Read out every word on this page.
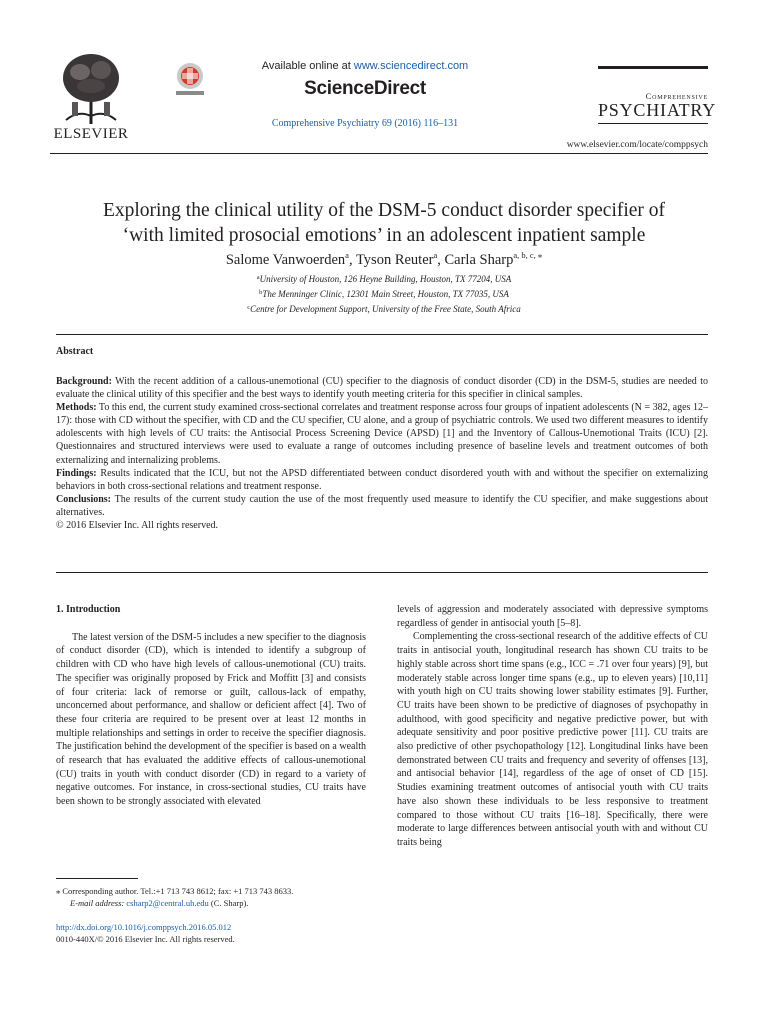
ELSEVIER
Available online at www.sciencedirect.com
ScienceDirect
Comprehensive Psychiatry 69 (2016) 116–131
Comprehensive
PSYCHIATRY
www.elsevier.com/locate/comppsych
Exploring the clinical utility of the DSM-5 conduct disorder specifier of
‘with limited prosocial emotions’ in an adolescent inpatient sample
Salome Vanwoerden$^a$, Tyson Reuter$^a$, Carla Sharp$^{a, b, c, ⁎}$
$^a$University of Houston, 126 Heyne Building, Houston, TX 77204, USA
$^b$The Menninger Clinic, 12301 Main Street, Houston, TX 77035, USA
$^c$Centre for Development Support, University of the Free State, South Africa
Abstract

Background: With the recent addition of a callous-unemotional (CU) specifier to the diagnosis of conduct disorder (CD) in the DSM-5, studies are needed to evaluate the clinical utility of this specifier and the best ways to identify youth meeting criteria for this specifier in clinical samples.

Methods: To this end, the current study examined cross-sectional correlates and treatment response across four groups of inpatient adolescents (N = 382, ages 12–17): those with CD without the specifier, with CD and the CU specifier, CU alone, and a group of psychiatric controls. We used two different measures to identify adolescents with high levels of CU traits: the Antisocial Process Screening Device (APSD) [1] and the Inventory of Callous-Unemotional Traits (ICU) [2]. Questionnaires and structured interviews were used to evaluate a range of outcomes including presence of baseline levels and treatment outcomes of both externalizing and internalizing problems.

Findings: Results indicated that the ICU, but not the APSD differentiated between conduct disordered youth with and without the specifier on externalizing behaviors in both cross-sectional relations and treatment response.

Conclusions: The results of the current study caution the use of the most frequently used measure to identify the CU specifier, and make suggestions about alternatives.

© 2016 Elsevier Inc. All rights reserved.

1. Introduction

The latest version of the DSM-5 includes a new specifier to the diagnosis of conduct disorder (CD), which is intended to identify a subgroup of children with CD who have high levels of callous-unemotional (CU) traits. The specifier was originally proposed by Frick and Moffitt [3] and consists of four criteria: lack of remorse or guilt, callous-lack of empathy, unconcerned about performance, and shallow or deficient affect [4]. Two of these four criteria are required to be present over at least 12 months in multiple relationships and settings in order to receive the specifier diagnosis. The justification behind the development of the specifier is based on a wealth of research that has evaluated the additive effects of callous-unemotional (CU) traits in youth with conduct disorder (CD) in regard to a variety of negative outcomes. For instance, in cross-sectional studies, CU traits have been shown to be strongly associated with elevated

levels of aggression and moderately associated with depressive symptoms regardless of gender in antisocial youth [5–8].

Complementing the cross-sectional research of the additive effects of CU traits in antisocial youth, longitudinal research has shown CU traits to be highly stable across short time spans (e.g., ICC = .71 over four years) [9], but moderately stable across longer time spans (e.g., up to eleven years) [10,11] with youth high on CU traits showing lower stability estimates [9]. Further, CU traits have been shown to be predictive of diagnoses of psychopathy in adulthood, with good specificity and negative predictive power, but with adequate sensitivity and poor positive predictive power [11]. CU traits are also predictive of other psychopathology [12]. Longitudinal links have been demonstrated between CU traits and frequency and severity of offenses [13], and antisocial behavior [14], regardless of the age of onset of CD [15]. Studies examining treatment outcomes of antisocial youth with CU traits have also shown these individuals to be less responsive to treatment compared to those without CU traits [16–18]. Specifically, there were moderate to large differences between antisocial youth with and without CU traits being

⁎ Corresponding author. Tel.:+1 713 743 8612; fax: +1 713 743 8633.
E-mail address: csharp2@central.uh.edu (C. Sharp).
http://dx.doi.org/10.1016/j.comppsych.2016.05.012
0010-440X/© 2016 Elsevier Inc. All rights reserved.
